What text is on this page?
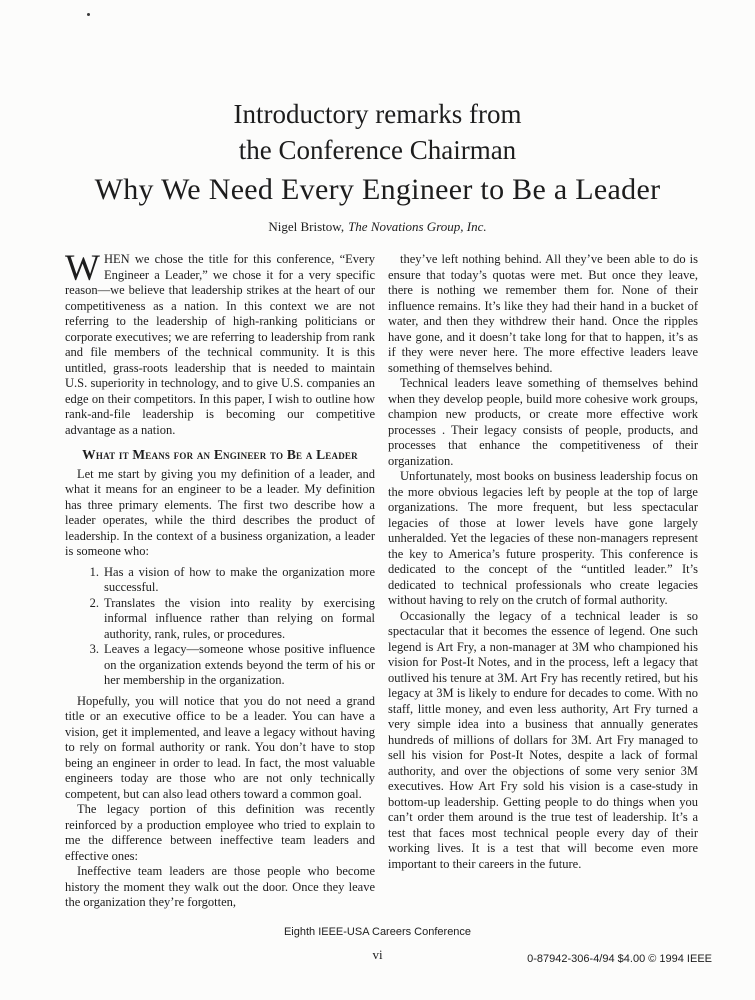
Introductory remarks from
the Conference Chairman
Why We Need Every Engineer to Be a Leader
Nigel Bristow, The Novations Group, Inc.

WHEN we chose the title for this conference, “Every Engineer a Leader,” we chose it for a very specific reason—we believe that leadership strikes at the heart of our competitiveness as a nation. In this context we are not referring to the leadership of high-ranking politicians or corporate executives; we are referring to leadership from rank and file members of the technical community. It is this untitled, grass-roots leadership that is needed to maintain U.S. superiority in technology, and to give U.S. companies an edge on their competitors. In this paper, I wish to outline how rank-and-file leadership is becoming our competitive advantage as a nation.

What it Means for an Engineer to Be a Leader

Let me start by giving you my definition of a leader, and what it means for an engineer to be a leader. My definition has three primary elements. The first two describe how a leader operates, while the third describes the product of leadership. In the context of a business organization, a leader is someone who:

1. Has a vision of how to make the organization more successful.
2. Translates the vision into reality by exercising informal influence rather than relying on formal authority, rank, rules, or procedures.
3. Leaves a legacy—someone whose positive influence on the organization extends beyond the term of his or her membership in the organization.

Hopefully, you will notice that you do not need a grand title or an executive office to be a leader. You can have a vision, get it implemented, and leave a legacy without having to rely on formal authority or rank. You don’t have to stop being an engineer in order to lead. In fact, the most valuable engineers today are those who are not only technically competent, but can also lead others toward a common goal.

The legacy portion of this definition was recently reinforced by a production employee who tried to explain to me the difference between ineffective team leaders and effective ones:

Ineffective team leaders are those people who become history the moment they walk out the door. Once they leave the organization they’re forgotten,

they’ve left nothing behind. All they’ve been able to do is ensure that today’s quotas were met. But once they leave, there is nothing we remember them for. None of their influence remains. It’s like they had their hand in a bucket of water, and then they withdrew their hand. Once the ripples have gone, and it doesn’t take long for that to happen, it’s as if they were never here. The more effective leaders leave something of themselves behind.

Technical leaders leave something of themselves behind when they develop people, build more cohesive work groups, champion new products, or create more effective work processes . Their legacy consists of people, products, and processes that enhance the competitiveness of their organization.

Unfortunately, most books on business leadership focus on the more obvious legacies left by people at the top of large organizations. The more frequent, but less spectacular legacies of those at lower levels have gone largely unheralded. Yet the legacies of these non-managers represent the key to America’s future prosperity. This conference is dedicated to the concept of the “untitled leader.” It’s dedicated to technical professionals who create legacies without having to rely on the crutch of formal authority.

Occasionally the legacy of a technical leader is so spectacular that it becomes the essence of legend. One such legend is Art Fry, a non-manager at 3M who championed his vision for Post-It Notes, and in the process, left a legacy that outlived his tenure at 3M. Art Fry has recently retired, but his legacy at 3M is likely to endure for decades to come. With no staff, little money, and even less authority, Art Fry turned a very simple idea into a business that annually generates hundreds of millions of dollars for 3M. Art Fry managed to sell his vision for Post-It Notes, despite a lack of formal authority, and over the objections of some very senior 3M executives. How Art Fry sold his vision is a case-study in bottom-up leadership. Getting people to do things when you can’t order them around is the true test of leadership. It’s a test that faces most technical people every day of their working lives. It is a test that will become even more important to their careers in the future.

Eighth IEEE-USA Careers Conference
vi	0-87942-306-4/94 $4.00 © 1994 IEEE
